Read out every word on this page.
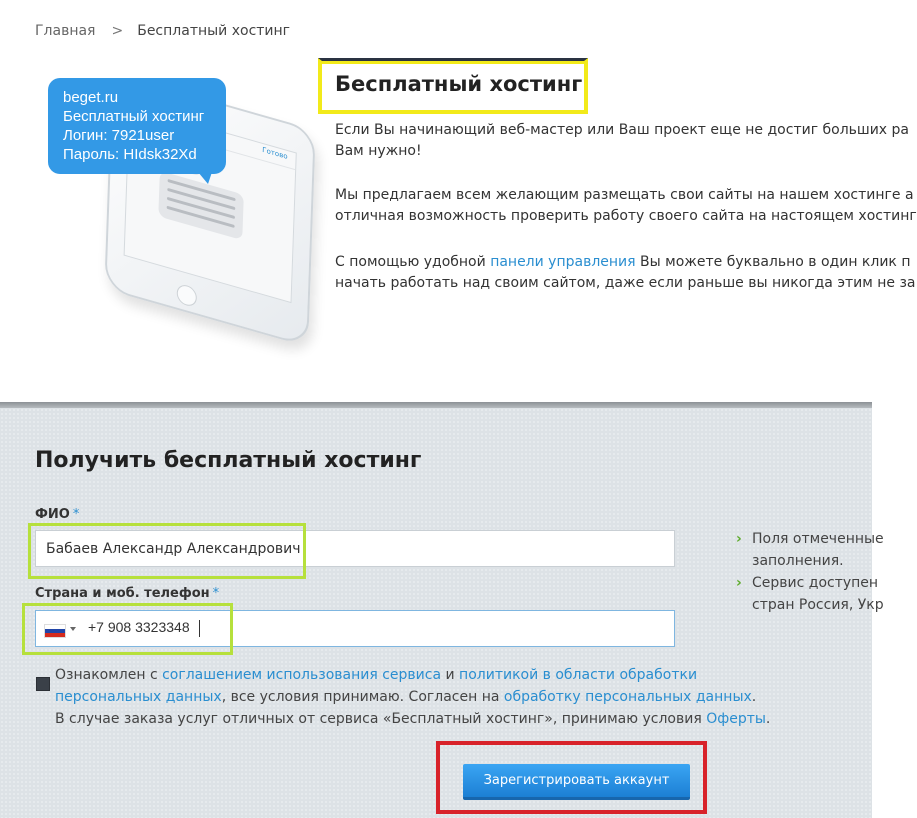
Главная > Бесплатный хостинг
Готово
beget.ru
Бесплатный хостинг
Логин: 7921user
Пароль: HIdsk32Xd
Бесплатный хостинг

Если Вы начинающий веб-мастер или Ваш проект еще не достиг больших ра
Вам нужно!

Мы предлагаем всем желающим размещать свои сайты на нашем хостинге а
отличная возможность проверить работу своего сайта на настоящем хостинг

С помощью удобной панели управления Вы можете буквально в один клик п
начать работать над своим сайтом, даже если раньше вы никогда этим не за

Получить бесплатный хостинг
ФИО *
Бабаев Александр Александрович
Страна и моб. телефон *
+7 908 3323348
Ознакомлен с соглашением использования сервиса и политикой в области обработки
персональных данных, все условия принимаю. Согласен на обработку персональных данных.
В случае заказа услуг отличных от сервиса «Бесплатный хостинг», принимаю условия Оферты.
› Поля отмеченные
заполнения.
› Сервис доступен
стран Россия, Укр
Зарегистрировать аккаунт
